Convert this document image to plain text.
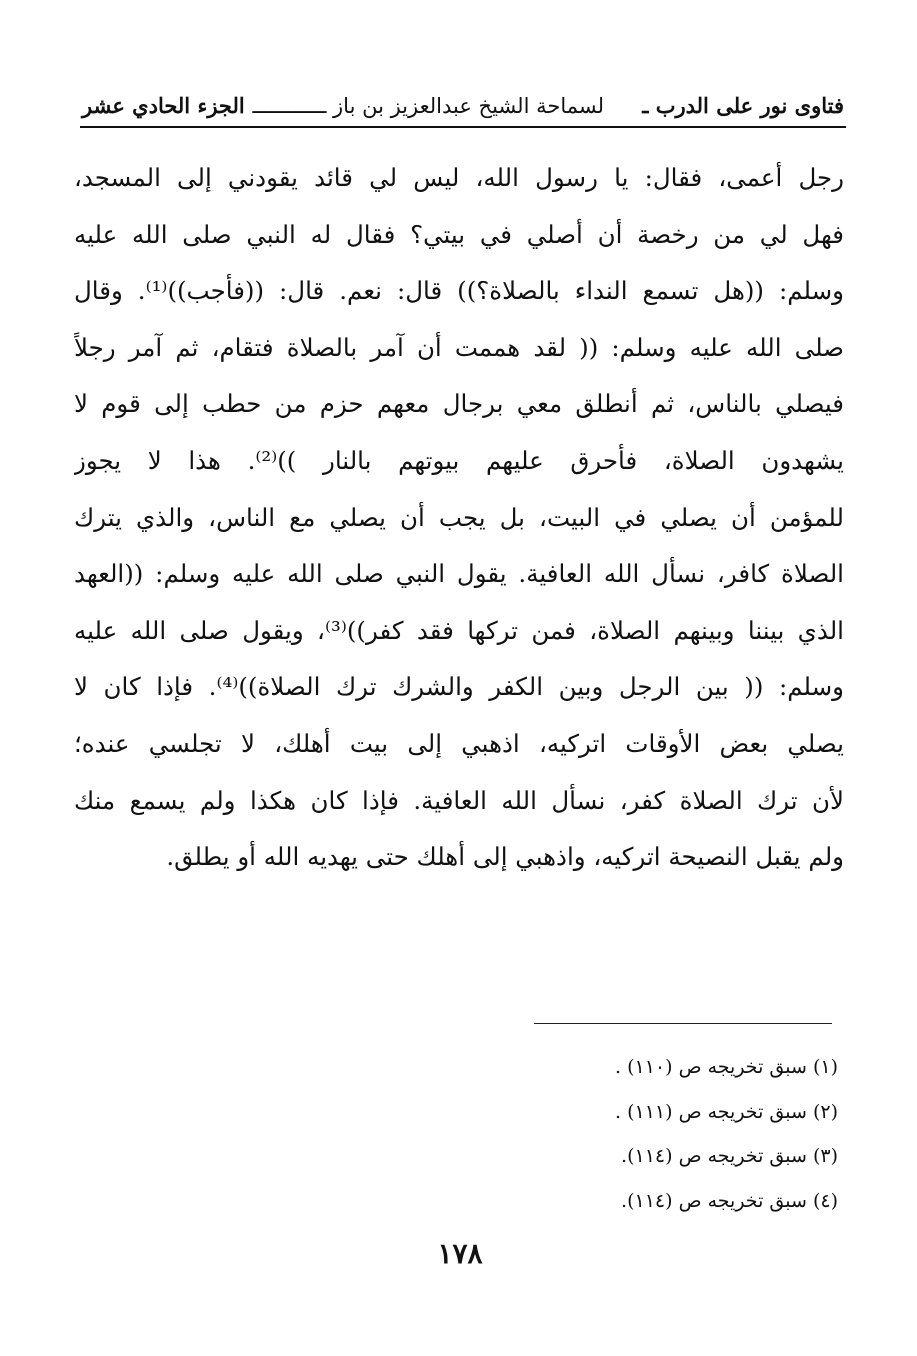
فتاوى نور على الدرب ـ
لسماحة الشيخ عبدالعزيز بن باز ــــــــــــ
الجزء الحادي عشر
رجل أعمى، فقال: يا رسول الله، ليس لي قائد يقودني إلى المسجد،
فهل لي من رخصة أن أصلي في بيتي؟ فقال له النبي صلى الله عليه
وسلم: ((هل تسمع النداء بالصلاة؟)) قال: نعم. قال: ((فأجب))⁽¹⁾. وقال
صلى الله عليه وسلم: (( لقد هممت أن آمر بالصلاة فتقام، ثم آمر رجلاً
فيصلي بالناس، ثم أنطلق معي برجال معهم حزم من حطب إلى قوم لا
يشهدون الصلاة، فأحرق عليهم بيوتهم بالنار ))⁽²⁾. هذا لا يجوز
للمؤمن أن يصلي في البيت، بل يجب أن يصلي مع الناس، والذي يترك
الصلاة كافر، نسأل الله العافية. يقول النبي صلى الله عليه وسلم: ((العهد
الذي بيننا وبينهم الصلاة، فمن تركها فقد كفر))⁽³⁾، ويقول صلى الله عليه
وسلم: (( بين الرجل وبين الكفر والشرك ترك الصلاة))⁽⁴⁾. فإذا كان لا
يصلي بعض الأوقات اتركيه، اذهبي إلى بيت أهلك، لا تجلسي عنده؛
لأن ترك الصلاة كفر، نسأل الله العافية. فإذا كان هكذا ولم يسمع منك
ولم يقبل النصيحة اتركيه، واذهبي إلى أهلك حتى يهديه الله أو يطلق.
(١) سبق تخريجه ص (١١٠) .
(٢) سبق تخريجه ص (١١١) .
(٣) سبق تخريجه ص (١١٤).
(٤) سبق تخريجه ص (١١٤).
١٧٨
